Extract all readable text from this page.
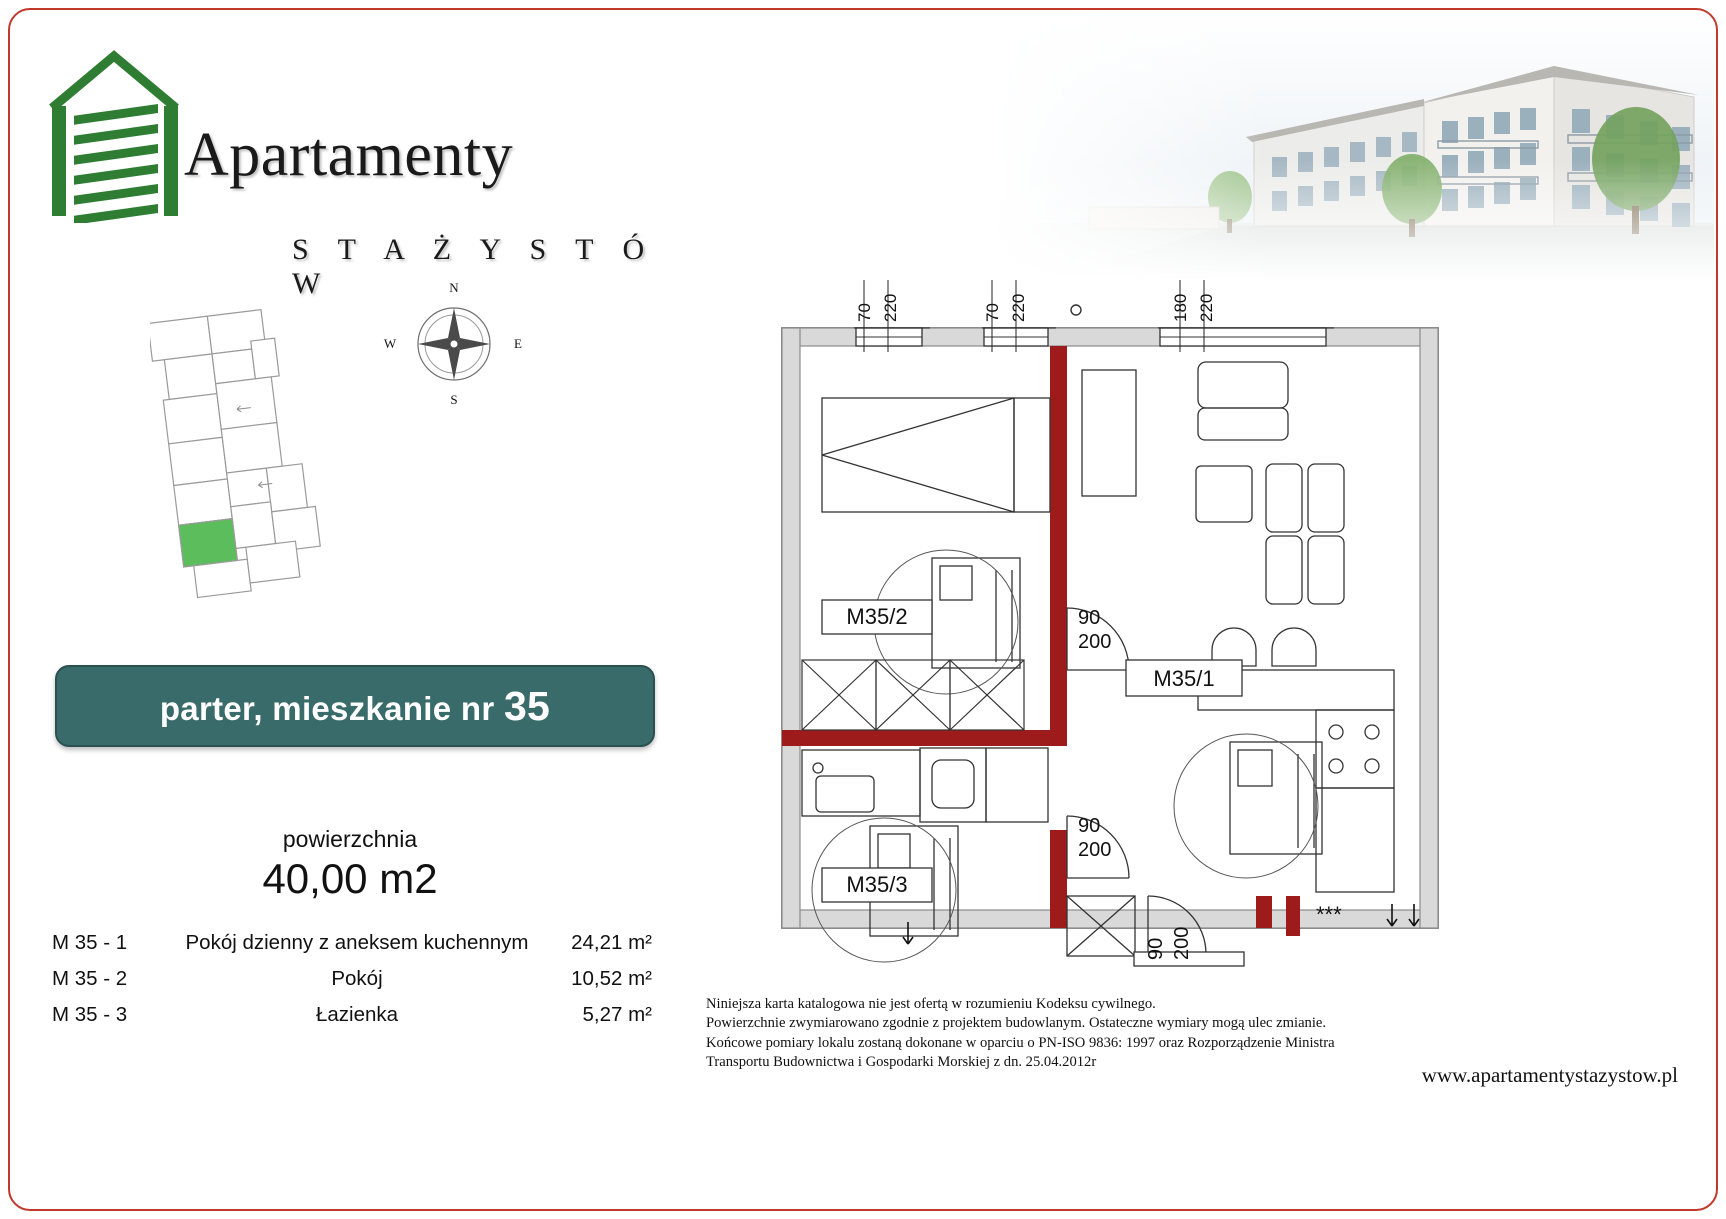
Apartamenty
S T A Ż Y S T Ó W	N
S
W	E
parter, mieszkanie nr 35
powierzchnia
40,00 m2
M 35 - 1	Pokój dzienny z aneksem kuchennym	24,21 m²
M 35 - 2	Pokój	10,52 m²
M 35 - 3	Łazienka	5,27 m²
70 220	70 220	180 220
M35/2
M35/3
90
200
90
200
90 200
M35/1
***
Niniejsza karta katalogowa nie jest ofertą w rozumieniu Kodeksu cywilnego.
Powierzchnie zwymiarowano zgodnie z projektem budowlanym. Ostateczne wymiary mogą ulec zmianie.
Końcowe pomiary lokalu zostaną dokonane w oparciu o PN-ISO 9836: 1997 oraz Rozporządzenie Ministra
Transportu Budownictwa i Gospodarki Morskiej z dn. 25.04.2012r
www.apartamentystazystow.pl
